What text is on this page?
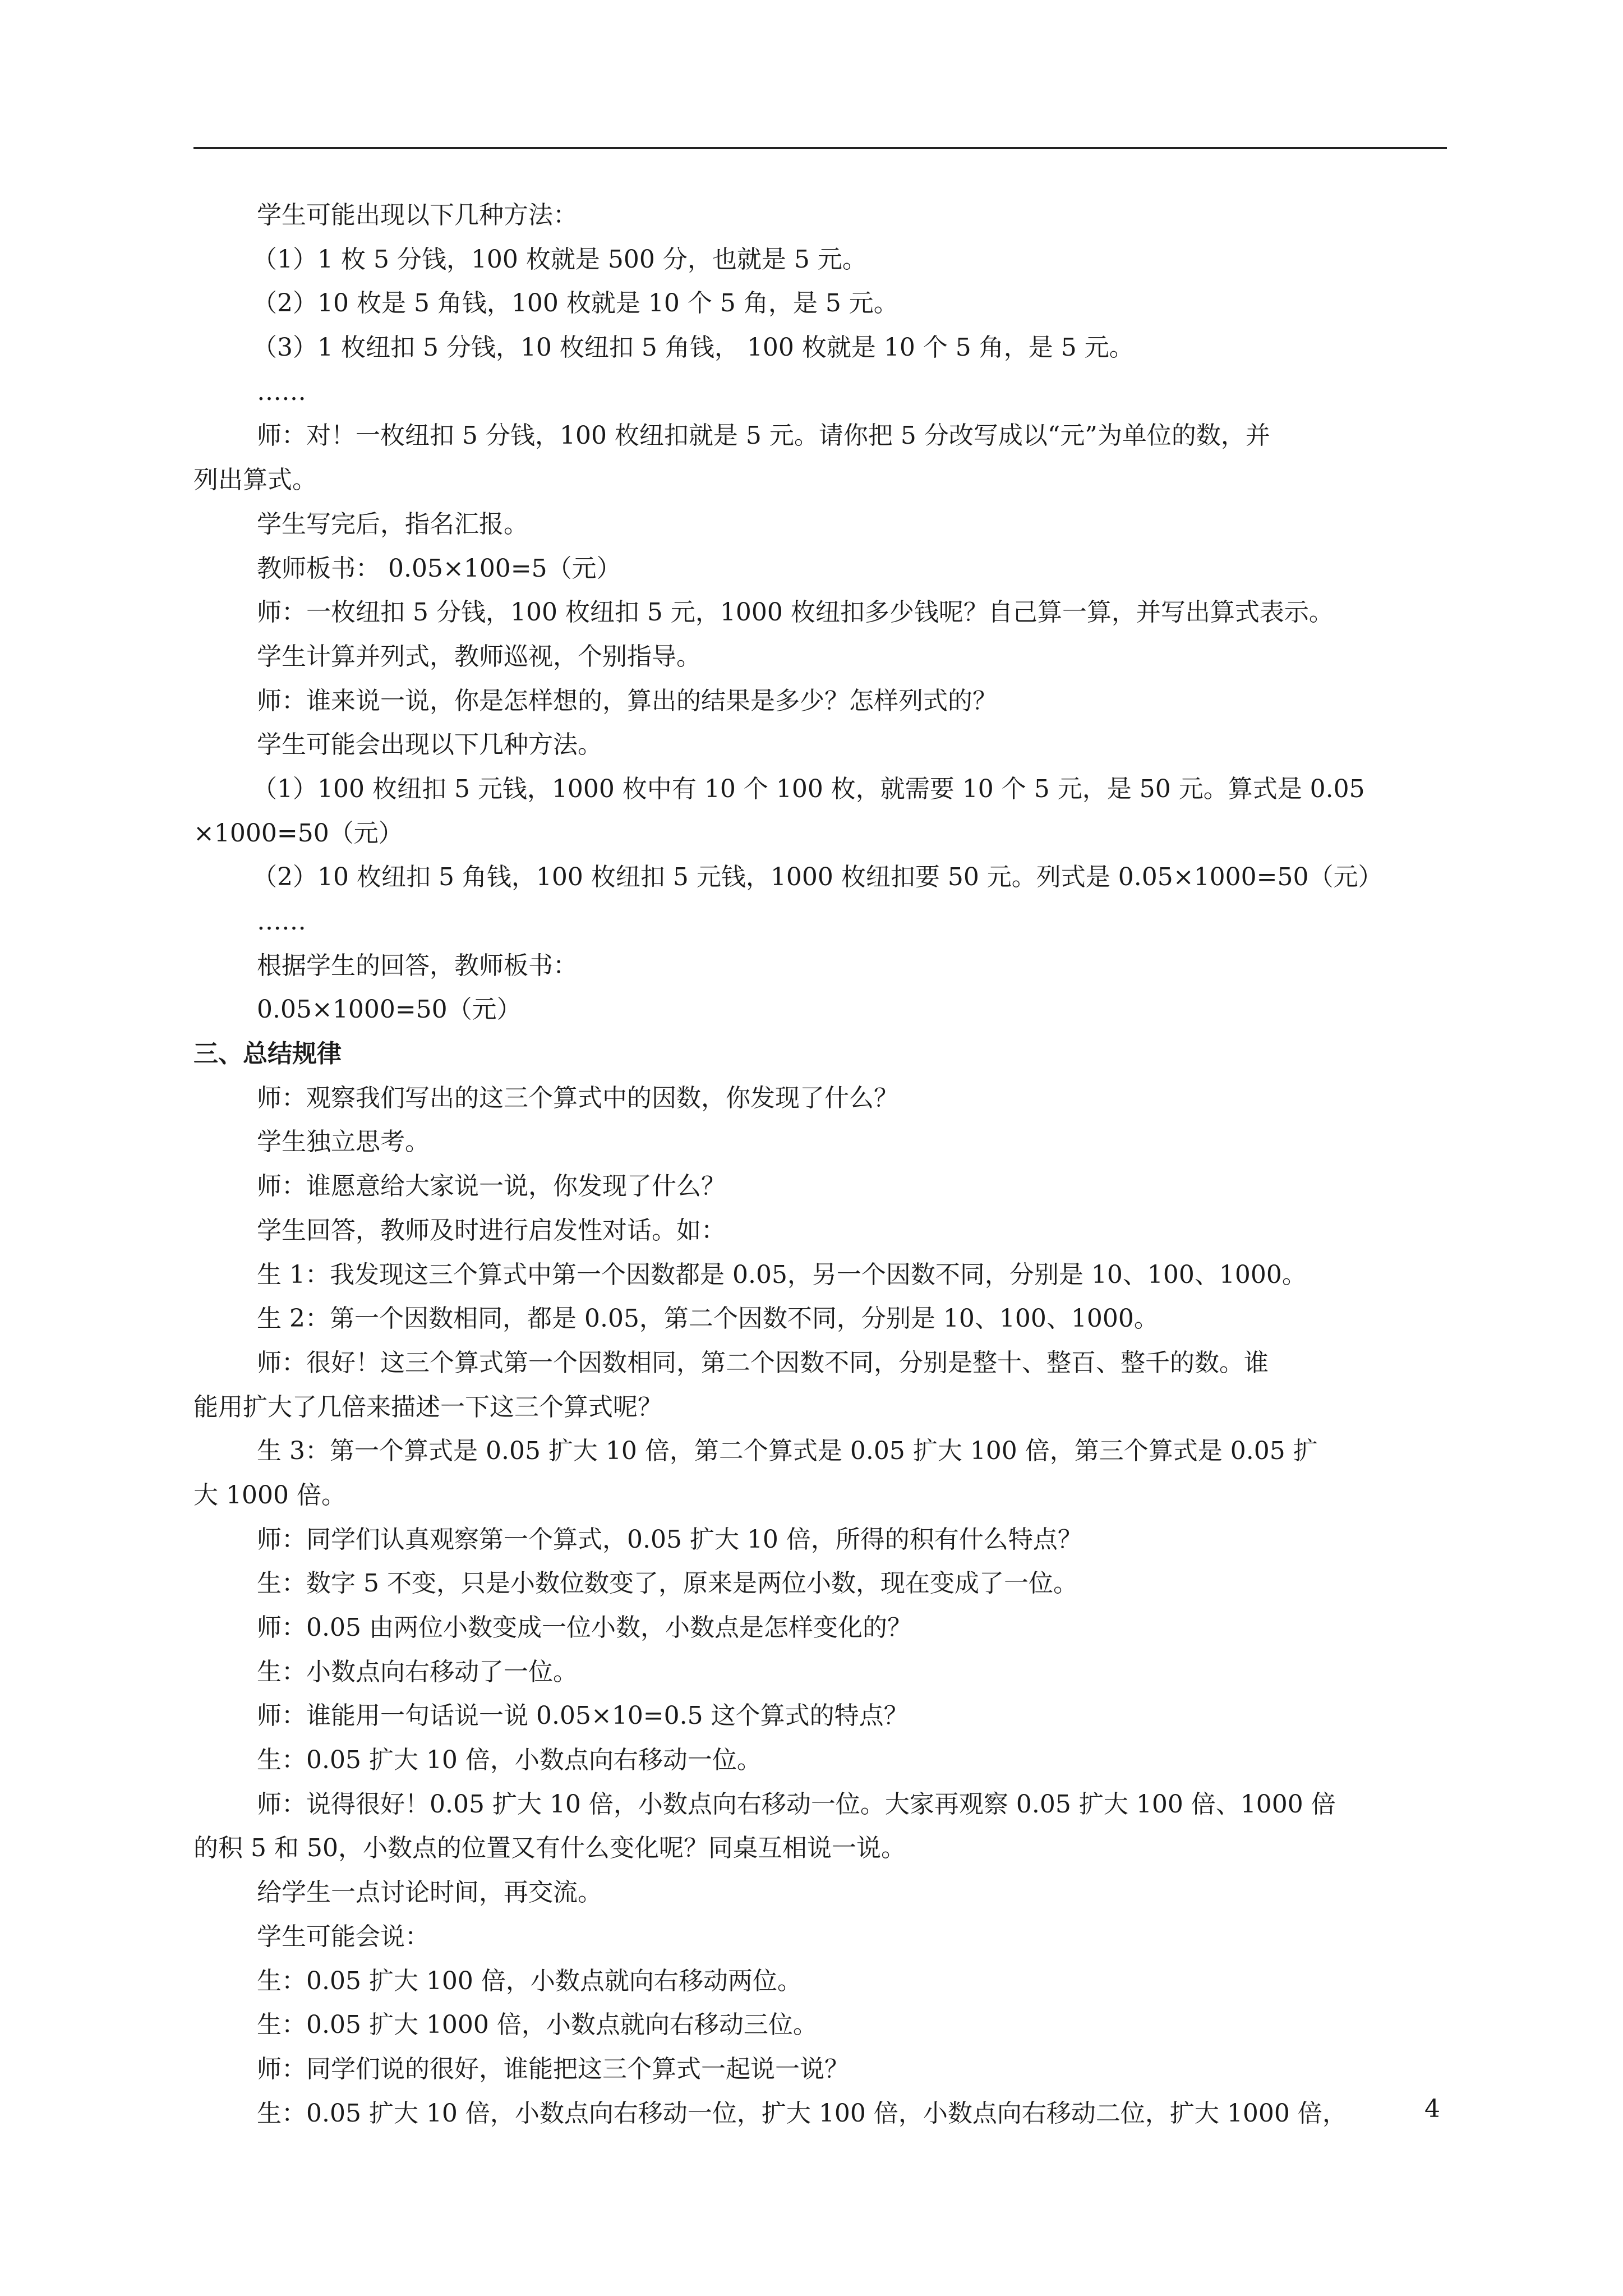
学生可能出现以下几种方法：
（1）1 枚 5 分钱，100 枚就是 500 分，也就是 5 元。
（2）10 枚是 5 角钱，100 枚就是 10 个 5 角，是 5 元。
（3）1 枚纽扣 5 分钱，10 枚纽扣 5 角钱， 100 枚就是 10 个 5 角，是 5 元。
……
师：对！一枚纽扣 5 分钱，100 枚纽扣就是 5 元。请你把 5 分改写成以“元”为单位的数，并
列出算式。
学生写完后，指名汇报。
教师板书： 0.05×100=5（元）
师：一枚纽扣 5 分钱，100 枚纽扣 5 元，1000 枚纽扣多少钱呢？自己算一算，并写出算式表示。
学生计算并列式，教师巡视，个别指导。
师：谁来说一说，你是怎样想的，算出的结果是多少？怎样列式的？
学生可能会出现以下几种方法。
（1）100 枚纽扣 5 元钱，1000 枚中有 10 个 100 枚，就需要 10 个 5 元，是 50 元。算式是 0.05
×1000=50（元）
（2）10 枚纽扣 5 角钱，100 枚纽扣 5 元钱，1000 枚纽扣要 50 元。列式是 0.05×1000=50（元）
……
根据学生的回答，教师板书：
0.05×1000=50（元）
三、总结规律
师：观察我们写出的这三个算式中的因数，你发现了什么？
学生独立思考。
师：谁愿意给大家说一说，你发现了什么？
学生回答，教师及时进行启发性对话。如：
生 1：我发现这三个算式中第一个因数都是 0.05，另一个因数不同，分别是 10、100、1000。
生 2：第一个因数相同，都是 0.05，第二个因数不同，分别是 10、100、1000。
师：很好！这三个算式第一个因数相同，第二个因数不同，分别是整十、整百、整千的数。谁
能用扩大了几倍来描述一下这三个算式呢？
生 3：第一个算式是 0.05 扩大 10 倍，第二个算式是 0.05 扩大 100 倍，第三个算式是 0.05 扩
大 1000 倍。
师：同学们认真观察第一个算式，0.05 扩大 10 倍，所得的积有什么特点？
生：数字 5 不变，只是小数位数变了，原来是两位小数，现在变成了一位。
师：0.05 由两位小数变成一位小数，小数点是怎样变化的？
生：小数点向右移动了一位。
师：谁能用一句话说一说 0.05×10=0.5 这个算式的特点？
生：0.05 扩大 10 倍，小数点向右移动一位。
师：说得很好！0.05 扩大 10 倍，小数点向右移动一位。大家再观察 0.05 扩大 100 倍、1000 倍
的积 5 和 50，小数点的位置又有什么变化呢？同桌互相说一说。
给学生一点讨论时间，再交流。
学生可能会说：
生：0.05 扩大 100 倍，小数点就向右移动两位。
生：0.05 扩大 1000 倍，小数点就向右移动三位。
师：同学们说的很好，谁能把这三个算式一起说一说？
生：0.05 扩大 10 倍，小数点向右移动一位，扩大 100 倍，小数点向右移动二位，扩大 1000 倍，	4
